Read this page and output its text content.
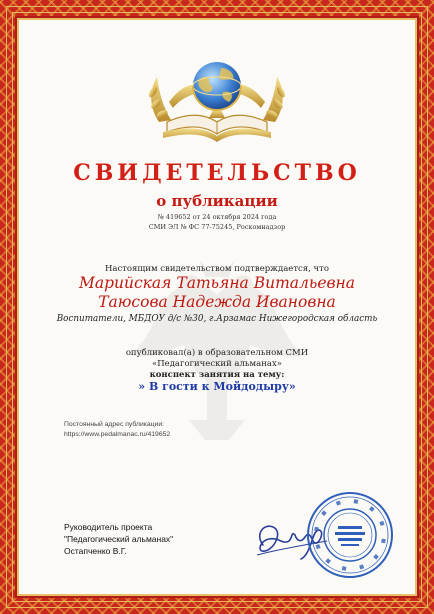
СВИДЕТЕЛЬСТВО
о публикации
№ 419652 от 24 октября 2024 года
СМИ ЭЛ № ФС 77-75245, Роскомнадзор
Настоящим свидетельством подтверждается, что
Марийская Татьяна Витальевна
Таюсова Надежда Ивановна
Воспитатели, МБДОУ д/с №30, г.Арзамас Нижегородская область
опубликовал(а) в образовательном СМИ
«Педагогический альманах»
конспект занятия на тему:
» В гости к Мойдодыру»
Постоянный адрес публикации:
https://www.pedalmanac.ru/419652
Руководитель проекта
"Педагогический альманах"
Остапченко В.Г.
